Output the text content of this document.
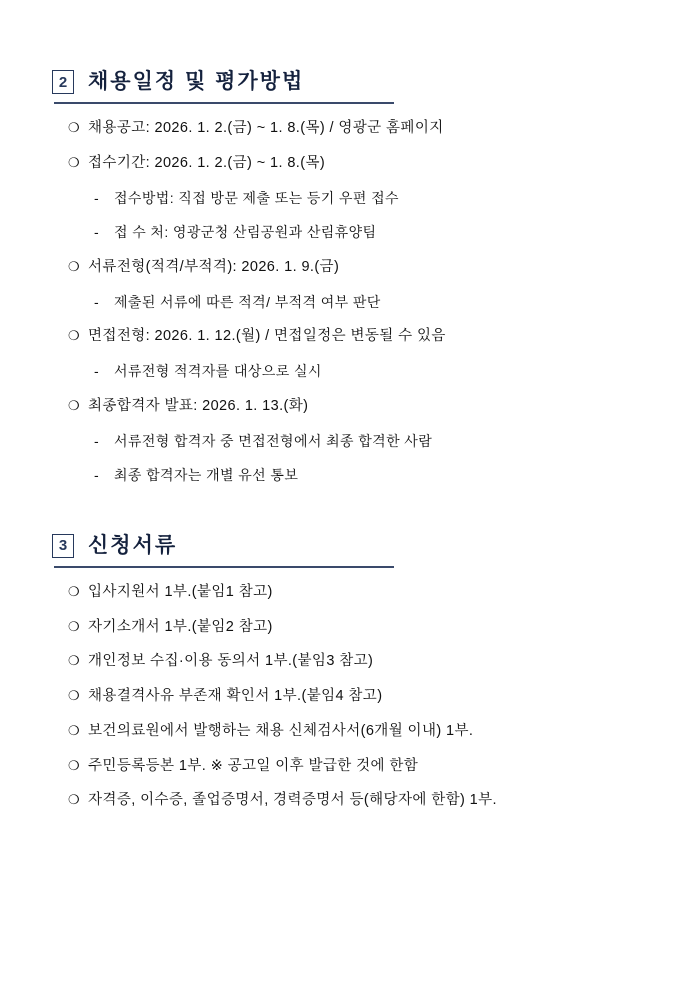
2 채용일정 및 평가방법
❍ 채용공고: 2026. 1. 2.(금) ~ 1. 8.(목) / 영광군 홈페이지
❍ 접수기간: 2026. 1. 2.(금) ~ 1. 8.(목)
-	접수방법: 직접 방문 제출 또는 등기 우편 접수
-	접 수 처: 영광군청 산림공원과 산림휴양팀
❍ 서류전형(적격/부적격): 2026. 1. 9.(금)
-	제출된 서류에 따른 적격/ 부적격 여부 판단
❍ 면접전형: 2026. 1. 12.(월) / 면접일정은 변동될 수 있음
-	서류전형 적격자를 대상으로 실시
❍ 최종합격자 발표: 2026. 1. 13.(화)
-	서류전형 합격자 중 면접전형에서 최종 합격한 사람
-	최종 합격자는 개별 유선 통보
3 신청서류
❍ 입사지원서 1부.(붙임1 참고)
❍ 자기소개서 1부.(붙임2 참고)
❍ 개인정보 수집·이용 동의서 1부.(붙임3 참고)
❍ 채용결격사유 부존재 확인서 1부.(붙임4 참고)
❍ 보건의료원에서 발행하는 채용 신체검사서(6개월 이내) 1부.
❍ 주민등록등본 1부. ※ 공고일 이후 발급한 것에 한함
❍ 자격증, 이수증, 졸업증명서, 경력증명서 등(해당자에 한함) 1부.
